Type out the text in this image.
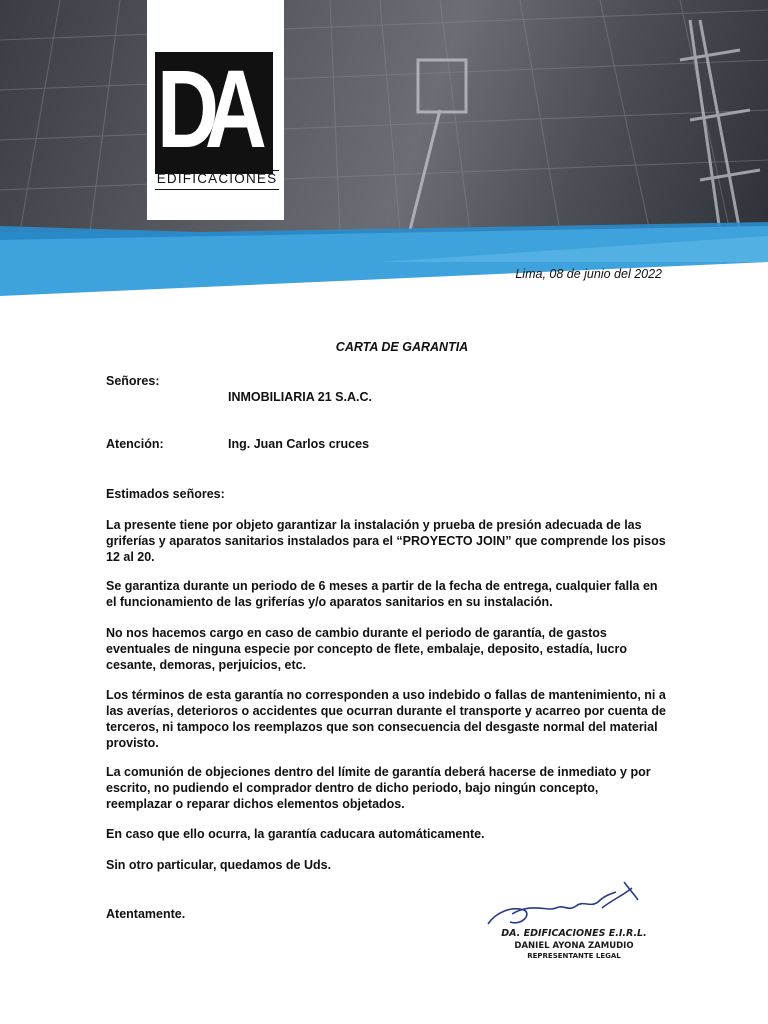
DA
EDIFICACIONES
Lima, 08 de junio del 2022
CARTA DE GARANTIA
Señores:
INMOBILIARIA 21 S.A.C.
Atención:	Ing. Juan Carlos cruces
Estimados señores:
La presente tiene por objeto garantizar la instalación y prueba de presión adecuada de las griferías y aparatos sanitarios instalados para el “PROYECTO JOIN” que comprende los pisos 12 al 20.
Se garantiza durante un periodo de 6 meses a partir de la fecha de entrega, cualquier falla en el funcionamiento de las griferías y/o aparatos sanitarios en su instalación.
No nos hacemos cargo en caso de cambio durante el periodo de garantía, de gastos eventuales de ninguna especie por concepto de flete, embalaje, deposito, estadía, lucro cesante, demoras, perjuicios, etc.
Los términos de esta garantía no corresponden a uso indebido o fallas de mantenimiento, ni a las averías, deterioros o accidentes que ocurran durante el transporte y acarreo por cuenta de terceros, ni tampoco los reemplazos que son consecuencia del desgaste normal del material provisto.
La comunión de objeciones dentro del límite de garantía deberá hacerse de inmediato y por escrito, no pudiendo el comprador dentro de dicho periodo, bajo ningún concepto, reemplazar o reparar dichos elementos objetados.
En caso que ello ocurra, la garantía caducara automáticamente.
Sin otro particular, quedamos de Uds.
Atentamente.
DA. EDIFICACIONES E.I.R.L.
DANIEL AYONA ZAMUDIO
REPRESENTANTE LEGAL
